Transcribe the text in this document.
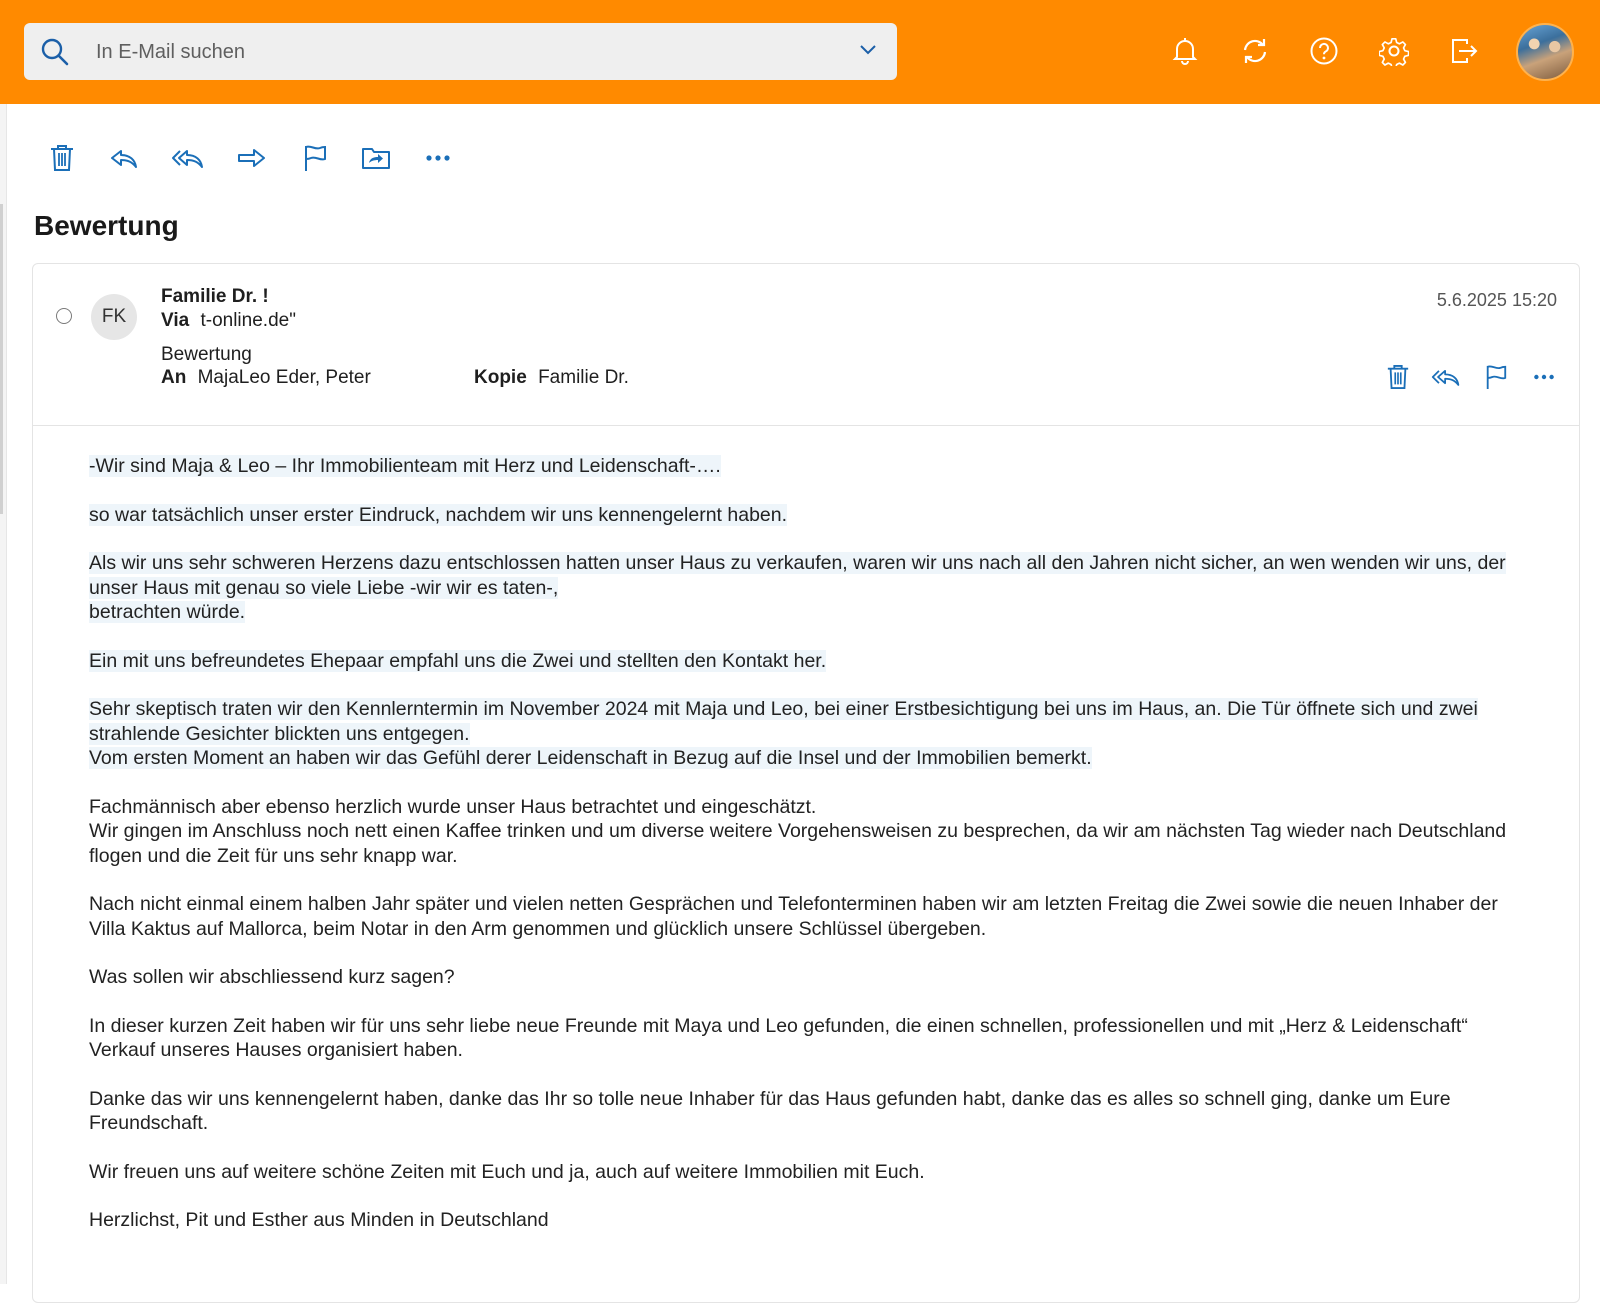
In E-Mail suchen
Bewertung
FK
Familie Dr. !
Via t-online.de"
Bewertung
An MajaLeo Eder, Peter	Kopie Familie Dr.
5.6.2025 15:20

-Wir sind Maja & Leo – Ihr Immobilienteam mit Herz und Leidenschaft-….

so war tatsächlich unser erster Eindruck, nachdem wir uns kennengelernt haben.

Als wir uns sehr schweren Herzens dazu entschlossen hatten unser Haus zu verkaufen, waren wir uns nach all den Jahren nicht sicher, an wen wenden wir uns, der unser Haus mit genau so viele Liebe -wir wir es taten-,
betrachten würde.

Ein mit uns befreundetes Ehepaar empfahl uns die Zwei und stellten den Kontakt her.

Sehr skeptisch traten wir den Kennlerntermin im November 2024 mit Maja und Leo, bei einer Erstbesichtigung bei uns im Haus, an. Die Tür öffnete sich und zwei strahlende Gesichter blickten uns entgegen.
Vom ersten Moment an haben wir das Gefühl derer Leidenschaft in Bezug auf die Insel und der Immobilien bemerkt.

Fachmännisch aber ebenso herzlich wurde unser Haus betrachtet und eingeschätzt.
Wir gingen im Anschluss noch nett einen Kaffee trinken und um diverse weitere Vorgehensweisen zu besprechen, da wir am nächsten Tag wieder nach Deutschland flogen und die Zeit für uns sehr knapp war.

Nach nicht einmal einem halben Jahr später und vielen netten Gesprächen und Telefonterminen haben wir am letzten Freitag die Zwei sowie die neuen Inhaber der Villa Kaktus auf Mallorca, beim Notar in den Arm genommen und glücklich unsere Schlüssel übergeben.

Was sollen wir abschliessend kurz sagen?

In dieser kurzen Zeit haben wir für uns sehr liebe neue Freunde mit Maya und Leo gefunden, die einen schnellen, professionellen und mit „Herz & Leidenschaft“ Verkauf unseres Hauses organisiert haben.

Danke das wir uns kennengelernt haben, danke das Ihr so tolle neue Inhaber für das Haus gefunden habt, danke das es alles so schnell ging, danke um Eure Freundschaft.

Wir freuen uns auf weitere schöne Zeiten mit Euch und ja, auch auf weitere Immobilien mit Euch.

Herzlichst, Pit und Esther aus Minden in Deutschland
